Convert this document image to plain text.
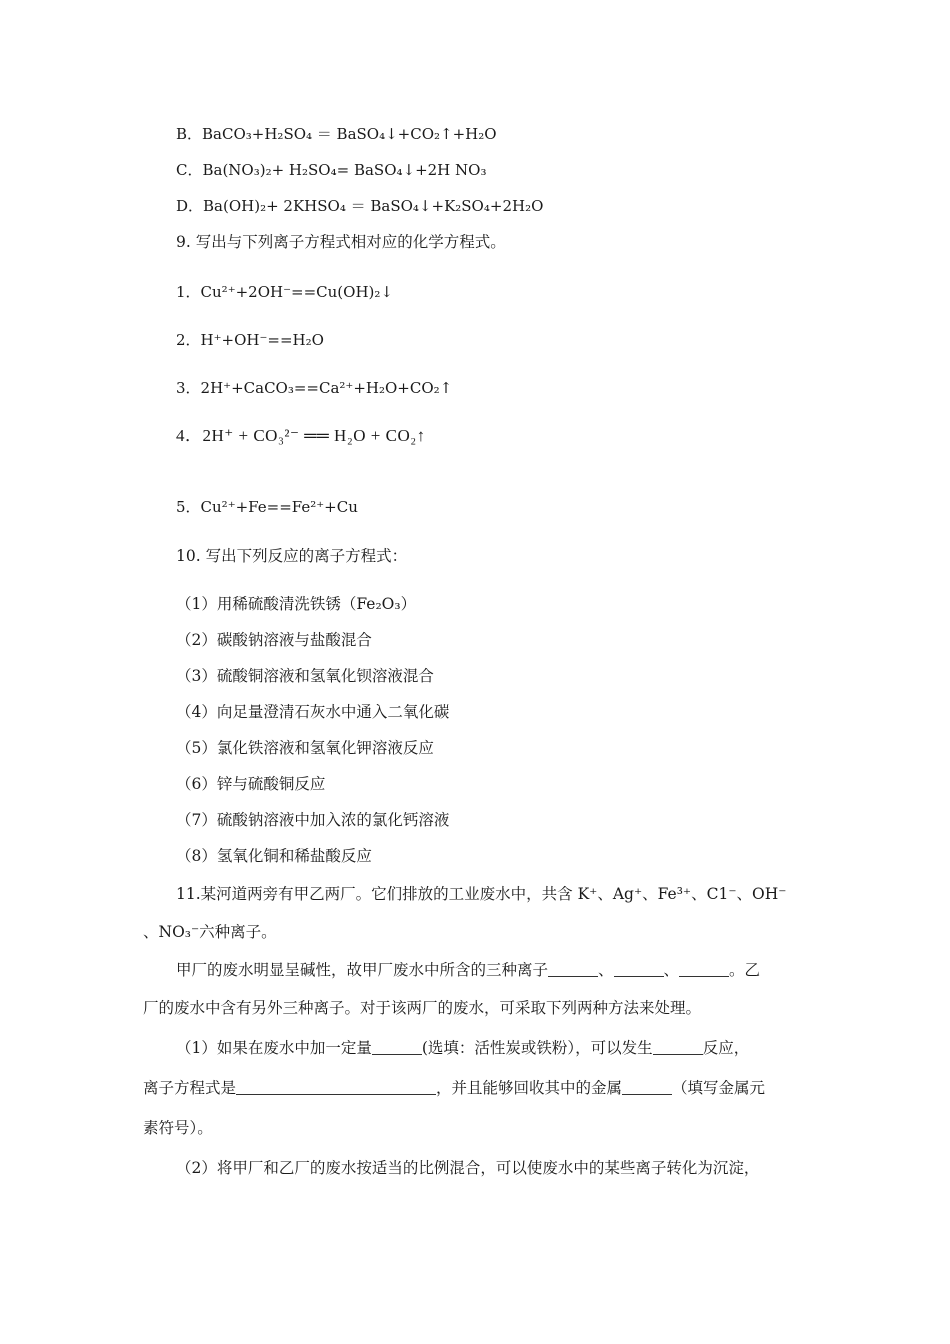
B．BaCO₃+H₂SO₄ ＝ BaSO₄↓+CO₂↑+H₂O
C．Ba(NO₃)₂+ H₂SO₄= BaSO₄↓+2H NO₃
D．Ba(OH)₂+ 2KHSO₄ ＝ BaSO₄↓+K₂SO₄+2H₂O
9. 写出与下列离子方程式相对应的化学方程式。
1．Cu²⁺+2OH⁻==Cu(OH)₂↓
2．H⁺+OH⁻==H₂O
3．2H⁺+CaCO₃==Ca²⁺+H₂O+CO₂↑
4．2H⁺ + CO₃²⁻ ══ H₂O + CO₂↑
5．Cu²⁺+Fe==Fe²⁺+Cu
10. 写出下列反应的离子方程式：
（1）用稀硫酸清洗铁锈（Fe₂O₃）
（2）碳酸钠溶液与盐酸混合
（3）硫酸铜溶液和氢氧化钡溶液混合
（4）向足量澄清石灰水中通入二氧化碳
（5）氯化铁溶液和氢氧化钾溶液反应
（6）锌与硫酸铜反应
（7）硫酸钠溶液中加入浓的氯化钙溶液
（8）氢氧化铜和稀盐酸反应
11.某河道两旁有甲乙两厂。它们排放的工业废水中，共含 K⁺、Ag⁺、Fe³⁺、C1⁻、OH⁻
、NO₃⁻六种离子。
甲厂的废水明显呈碱性，故甲厂废水中所含的三种离子	、	、	。乙
厂的废水中含有另外三种离子。对于该两厂的废水，可采取下列两种方法来处理。
（1）如果在废水中加一定量	(选填：活性炭或铁粉），可以发生	反应，
离子方程式是	，并且能够回收其中的金属	（填写金属元
素符号）。
（2）将甲厂和乙厂的废水按适当的比例混合，可以使废水中的某些离子转化为沉淀，
